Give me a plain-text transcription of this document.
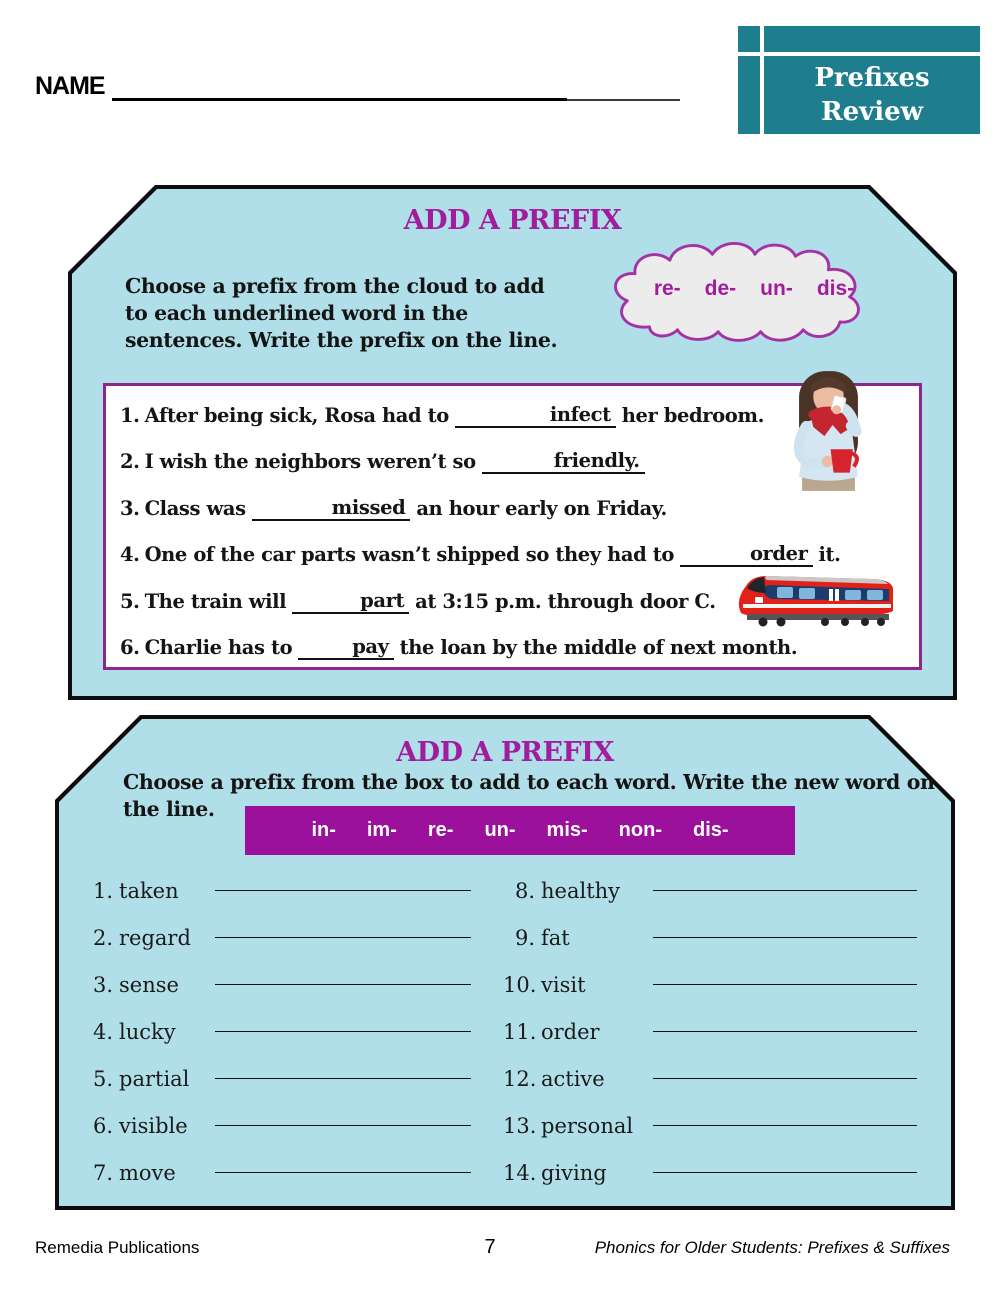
NAME	Prefixes
Review
ADD A PREFIX
Choose a prefix from the cloud to add
to each underlined word in the
sentences. Write the prefix on the line.
re- de- un- dis-
1. After being sick, Rosa had to	infect her bedroom.
2. I wish the neighbors weren’t so	friendly.
3. Class was	missed an hour early on Friday.
4. One of the car parts wasn’t shipped so they had to	order it.
5. The train will	part at 3:15 p.m. through door C.
6. Charlie has to	pay the loan by the middle of next month.
ADD A PREFIX
Choose a prefix from the box to add to each word. Write the new word on
the line.
in- im- re- un- mis- non- dis-
1. taken
2. regard
3. sense
4. lucky
5. partial
6. visible
7. move
8. healthy
9. fat
10. visit
11. order
12. active
13. personal
14. giving
Remedia Publications	7	Phonics for Older Students: Prefixes & Suffixes
